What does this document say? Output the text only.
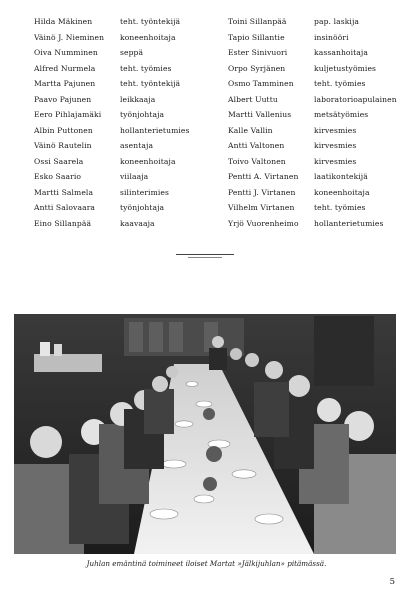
Hilda Mäkinen	teht. työntekijä
Väinö J. Nieminen	koneenhoitaja
Oiva Numminen	seppä
Alfred Nurmela	teht. työmies
Martta Pajunen	teht. työntekijä
Paavo Pajunen	leikkaaja
Eero Pihlajamäki	työnjohtaja
Albin Puttonen	hollanterietumies
Väinö Rautelin	asentaja
Ossi Saarela	koneenhoitaja
Esko Saario	viilaaja
Martti Salmela	silinterimies
Antti Salovaara	työnjohtaja
Eino Sillanpää	kaavaaja
Toini Sillanpää	pap. laskija
Tapio Sillantie	insinööri
Ester Sinivuori	kassanhoitaja
Orpo Syrjänen	kuljetustyömies
Osmo Tamminen	teht. työmies
Albert Uuttu	laboratorioapulainen
Martti Vallenius	metsätyömies
Kalle Vallin	kirvesmies
Antti Valtonen	kirvesmies
Toivo Valtonen	kirvesmies
Pentti A. Virtanen	laatikontekijä
Pentti J. Virtanen	koneenhoitaja
Vilhelm Virtanen	teht. työmies
Yrjö Vuorenheimo	hollanterietumies
Juhlan emäntinä toimineet iloiset Martat »Jälkijuhlan» pitämässä.
5
